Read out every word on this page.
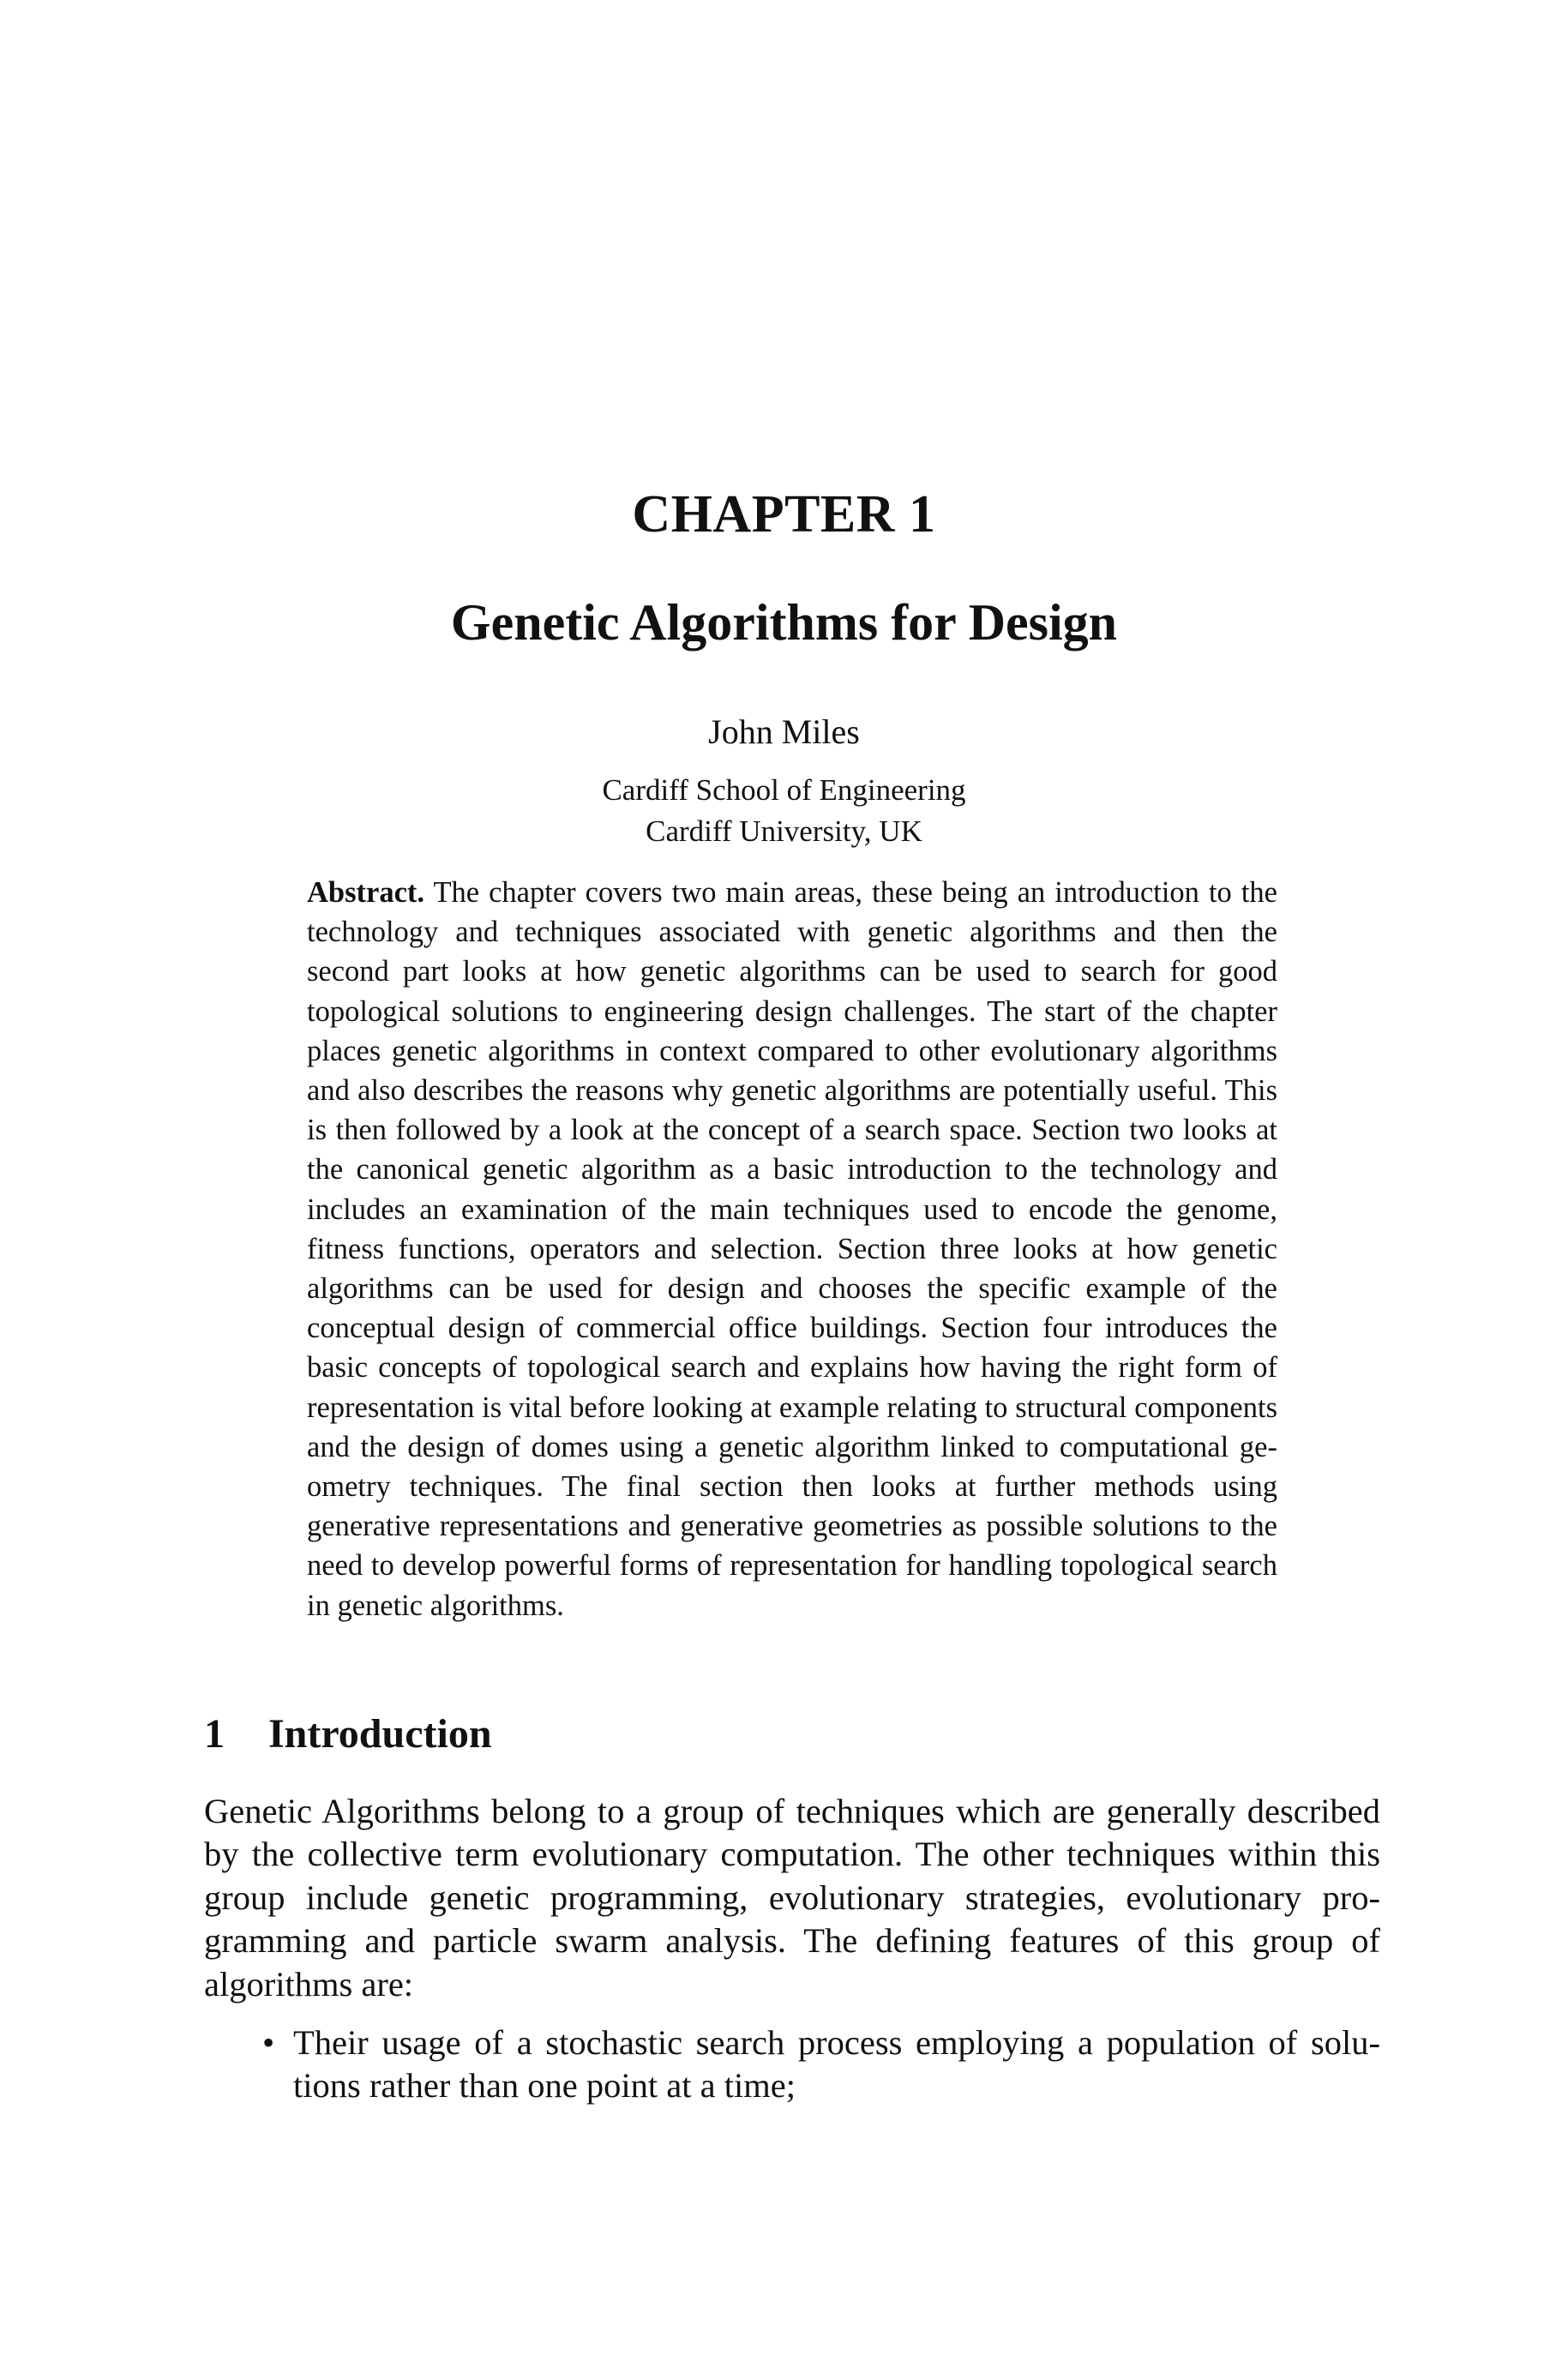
CHAPTER 1
Genetic Algorithms for Design
John Miles
Cardiff School of Engineering
Cardiff University, UK
Abstract. The chapter covers two main areas, these being an introduction to the technology and techniques associated with genetic algorithms and then the second part looks at how genetic algorithms can be used to search for good topological solutions to engineering design challenges. The start of the chapter places genetic algorithms in context compared to other evolutionary algorithms and also describes the reasons why genetic algorithms are potentially useful. This is then followed by a look at the concept of a search space. Section two looks at the canonical genetic algorithm as a basic introduction to the technology and includes an examination of the main techniques used to encode the genome, fitness functions, operators and selection. Section three looks at how genetic algorithms can be used for design and chooses the specific example of the conceptual design of commercial office buildings. Section four introduces the basic concepts of topological search and explains how having the right form of representation is vital before looking at example relating to structural components and the design of domes using a genetic algorithm linked to computational geometry techniques. The final section then looks at further methods using generative representations and generative geometries as possible solutions to the need to develop powerful forms of representation for handling topological search in genetic algorithms.
1 Introduction
Genetic Algorithms belong to a group of techniques which are generally described by the collective term evolutionary computation. The other techniques within this group include genetic programming, evolutionary strategies, evolutionary programming and particle swarm analysis. The defining features of this group of algorithms are:
• Their usage of a stochastic search process employing a population of solutions rather than one point at a time;
